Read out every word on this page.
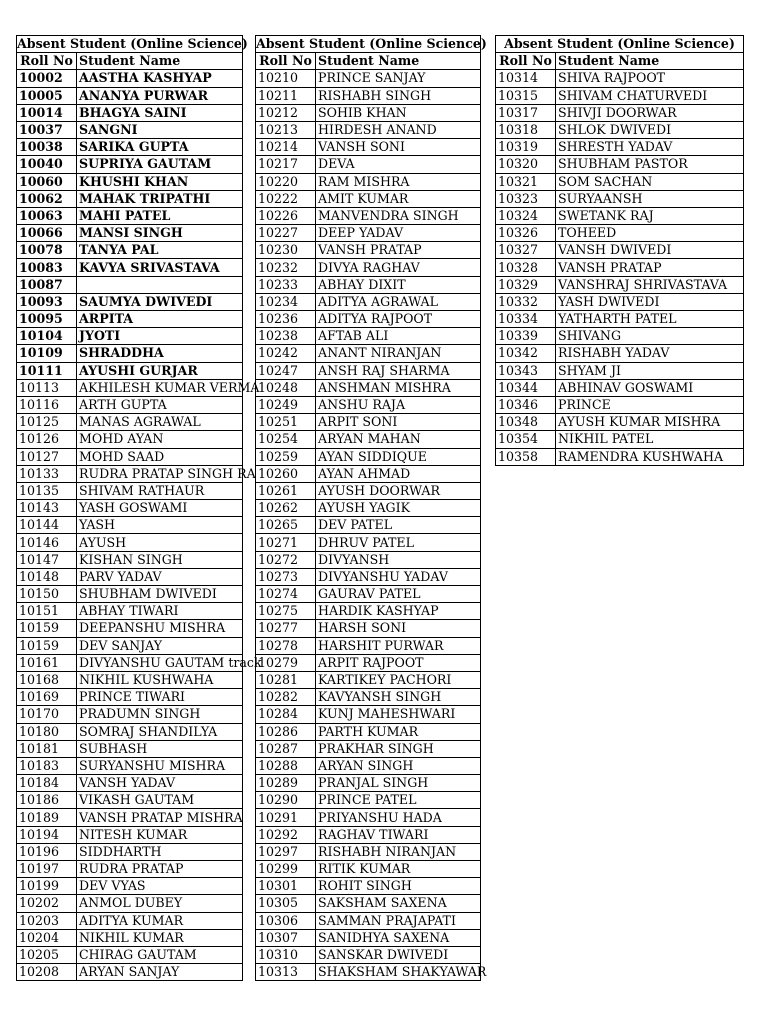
Absent Student (Online Science)	
Roll No	Student Name
10002	AASTHA KASHYAP
10005	ANANYA PURWAR
10014	BHAGYA SAINI
10037	SANGNI
10038	SARIKA GUPTA
10040	SUPRIYA GAUTAM
10060	KHUSHI KHAN
10062	MAHAK TRIPATHI
10063	MAHI PATEL
10066	MANSI SINGH
10078	TANYA PAL
10083	KAVYA SRIVASTAVA
10087	
10093	SAUMYA DWIVEDI
10095	ARPITA
10104	JYOTI
10109	SHRADDHA
10111	AYUSHI GURJAR
10113	AKHILESH KUMAR VERMA
10116	ARTH GUPTA
10125	MANAS AGRAWAL
10126	MOHD AYAN
10127	MOHD SAAD
10133	RUDRA PRATAP SINGH RA
10135	SHIVAM RATHAUR
10143	YASH GOSWAMI
10144	YASH
10146	AYUSH
10147	KISHAN SINGH
10148	PARV YADAV
10150	SHUBHAM DWIVEDI
10151	ABHAY TIWARI
10159	DEEPANSHU MISHRA
10159	DEV SANJAY
10161	DIVYANSHU GAUTAM track
10168	NIKHIL KUSHWAHA
10169	PRINCE TIWARI
10170	PRADUMN SINGH
10180	SOMRAJ SHANDILYA
10181	SUBHASH
10183	SURYANSHU MISHRA
10184	VANSH YADAV
10186	VIKASH GAUTAM
10189	VANSH PRATAP MISHRA
10194	NITESH KUMAR
10196	SIDDHARTH
10197	RUDRA PRATAP
10199	DEV VYAS
10202	ANMOL DUBEY
10203	ADITYA KUMAR
10204	NIKHIL KUMAR
10205	CHIRAG GAUTAM
10208	ARYAN SANJAY
Absent Student (Online Science)	
Roll No	Student Name
10210	PRINCE SANJAY
10211	RISHABH SINGH
10212	SOHIB KHAN
10213	HIRDESH ANAND
10214	VANSH SONI
10217	DEVA
10220	RAM MISHRA
10222	AMIT KUMAR
10226	MANVENDRA SINGH
10227	DEEP YADAV
10230	VANSH PRATAP
10232	DIVYA RAGHAV
10233	ABHAY DIXIT
10234	ADITYA AGRAWAL
10236	ADITYA RAJPOOT
10238	AFTAB ALI
10242	ANANT NIRANJAN
10247	ANSH RAJ SHARMA
10248	ANSHMAN MISHRA
10249	ANSHU RAJA
10251	ARPIT SONI
10254	ARYAN MAHAN
10259	AYAN SIDDIQUE
10260	AYAN AHMAD
10261	AYUSH DOORWAR
10262	AYUSH YAGIK
10265	DEV PATEL
10271	DHRUV PATEL
10272	DIVYANSH
10273	DIVYANSHU YADAV
10274	GAURAV PATEL
10275	HARDIK KASHYAP
10277	HARSH SONI
10278	HARSHIT PURWAR
10279	ARPIT RAJPOOT
10281	KARTIKEY PACHORI
10282	KAVYANSH SINGH
10284	KUNJ MAHESHWARI
10286	PARTH KUMAR
10287	PRAKHAR SINGH
10288	ARYAN SINGH
10289	PRANJAL SINGH
10290	PRINCE PATEL
10291	PRIYANSHU HADA
10292	RAGHAV TIWARI
10297	RISHABH NIRANJAN
10299	RITIK KUMAR
10301	ROHIT SINGH
10305	SAKSHAM SAXENA
10306	SAMMAN PRAJAPATI
10307	SANIDHYA SAXENA
10310	SANSKAR DWIVEDI
10313	SHAKSHAM SHAKYAWAR
Absent Student (Online Science)	
Roll No	Student Name
10314	SHIVA RAJPOOT
10315	SHIVAM CHATURVEDI
10317	SHIVJI DOORWAR
10318	SHLOK DWIVEDI
10319	SHRESTH YADAV
10320	SHUBHAM PASTOR
10321	SOM SACHAN
10323	SURYAANSH
10324	SWETANK RAJ
10326	TOHEED
10327	VANSH DWIVEDI
10328	VANSH PRATAP
10329	VANSHRAJ SHRIVASTAVA
10332	YASH DWIVEDI
10334	YATHARTH PATEL
10339	SHIVANG
10342	RISHABH YADAV
10343	SHYAM JI
10344	ABHINAV GOSWAMI
10346	PRINCE
10348	AYUSH KUMAR MISHRA
10354	NIKHIL PATEL
10358	RAMENDRA KUSHWAHA
